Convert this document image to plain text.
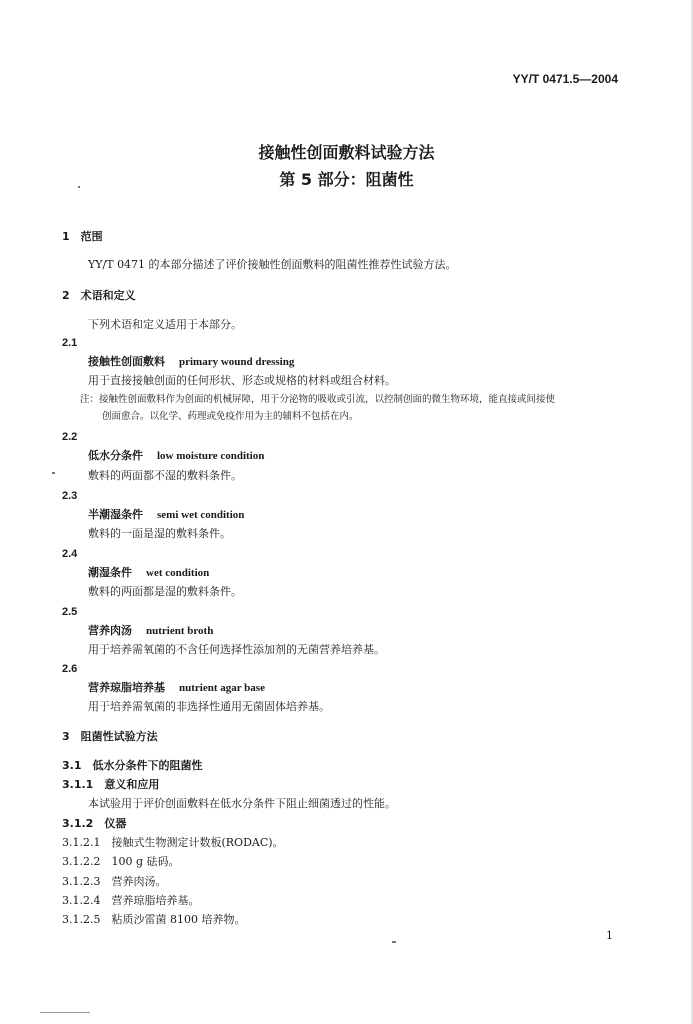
YY/T 0471.5—2004
接触性创面敷料试验方法
第 5 部分：阻菌性
1　范围
YY/T 0471 的本部分描述了评价接触性创面敷料的阻菌性推荐性试验方法。
2　术语和定义
下列术语和定义适用于本部分。
2.1
接触性创面敷料 primary wound dressing
用于直接接触创面的任何形状、形态或规格的材料或组合材料。
注：接触性创面敷料作为创面的机械屏障，用于分泌物的吸收或引流，以控制创面的微生物环境，能直接或间接使
创面愈合。以化学、药理或免疫作用为主的辅料不包括在内。
2.2
低水分条件 low moisture condition
敷料的两面都不湿的敷料条件。
2.3
半潮湿条件 semi wet condition
敷料的一面是湿的敷料条件。
2.4
潮湿条件 wet condition
敷料的两面都是湿的敷料条件。
2.5
营养肉汤 nutrient broth
用于培养需氧菌的不含任何选择性添加剂的无菌营养培养基。
2.6
营养琼脂培养基 nutrient agar base
用于培养需氧菌的非选择性通用无菌固体培养基。
3　阻菌性试验方法
3.1　低水分条件下的阻菌性
3.1.1　意义和应用
本试验用于评价创面敷料在低水分条件下阻止细菌透过的性能。
3.1.2　仪器
3.1.2.1　接触式生物测定计数板(RODAC)。
3.1.2.2　100 g 砝码。
3.1.2.3　营养肉汤。
3.1.2.4　营养琼脂培养基。
3.1.2.5　粘质沙雷菌 8100 培养物。
1
